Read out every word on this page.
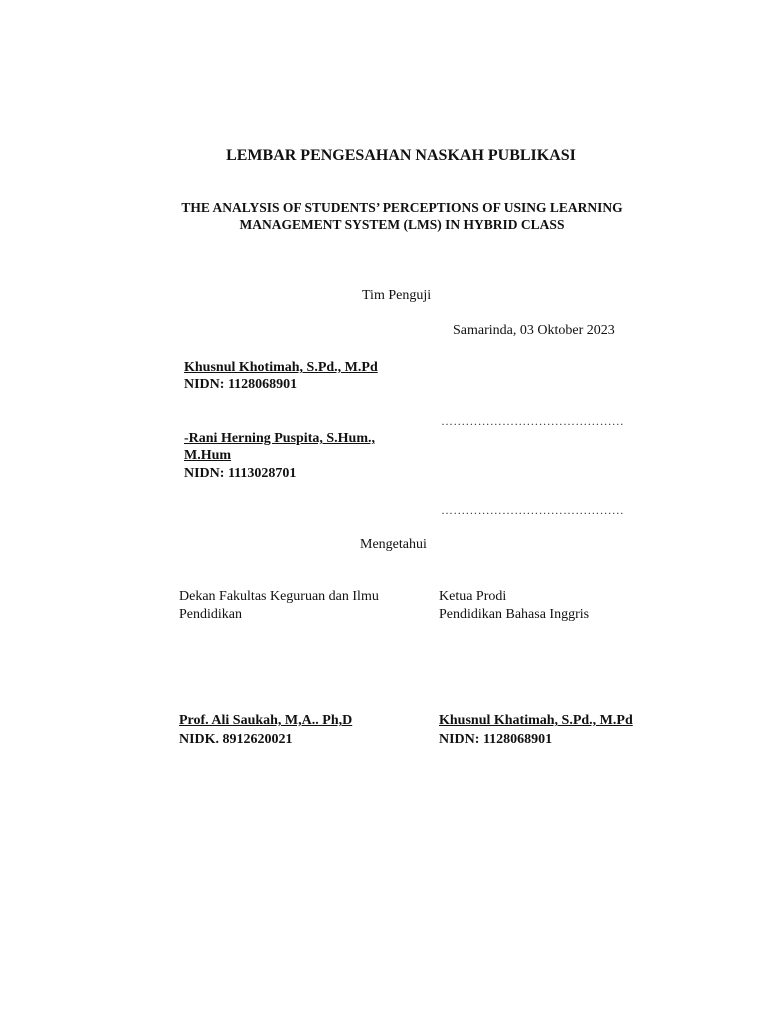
LEMBAR PENGESAHAN NASKAH PUBLIKASI
THE ANALYSIS OF STUDENTS’ PERCEPTIONS OF USING LEARNING
MANAGEMENT SYSTEM (LMS) IN HYBRID CLASS
Tim Penguji
Samarinda, 03 Oktober 2023
Khusnul Khotimah, S.Pd., M.Pd
NIDN: 1128068901
………………………………………
-Rani Herning Puspita, S.Hum.,
M.Hum
NIDN: 1113028701
………………………………………
Mengetahui
Dekan Fakultas Keguruan dan Ilmu
Pendidikan
Prof. Ali Saukah, M,A.. Ph,D
NIDK. 8912620021
Ketua Prodi
Pendidikan Bahasa Inggris
Khusnul Khatimah, S.Pd., M.Pd
NIDN: 1128068901
